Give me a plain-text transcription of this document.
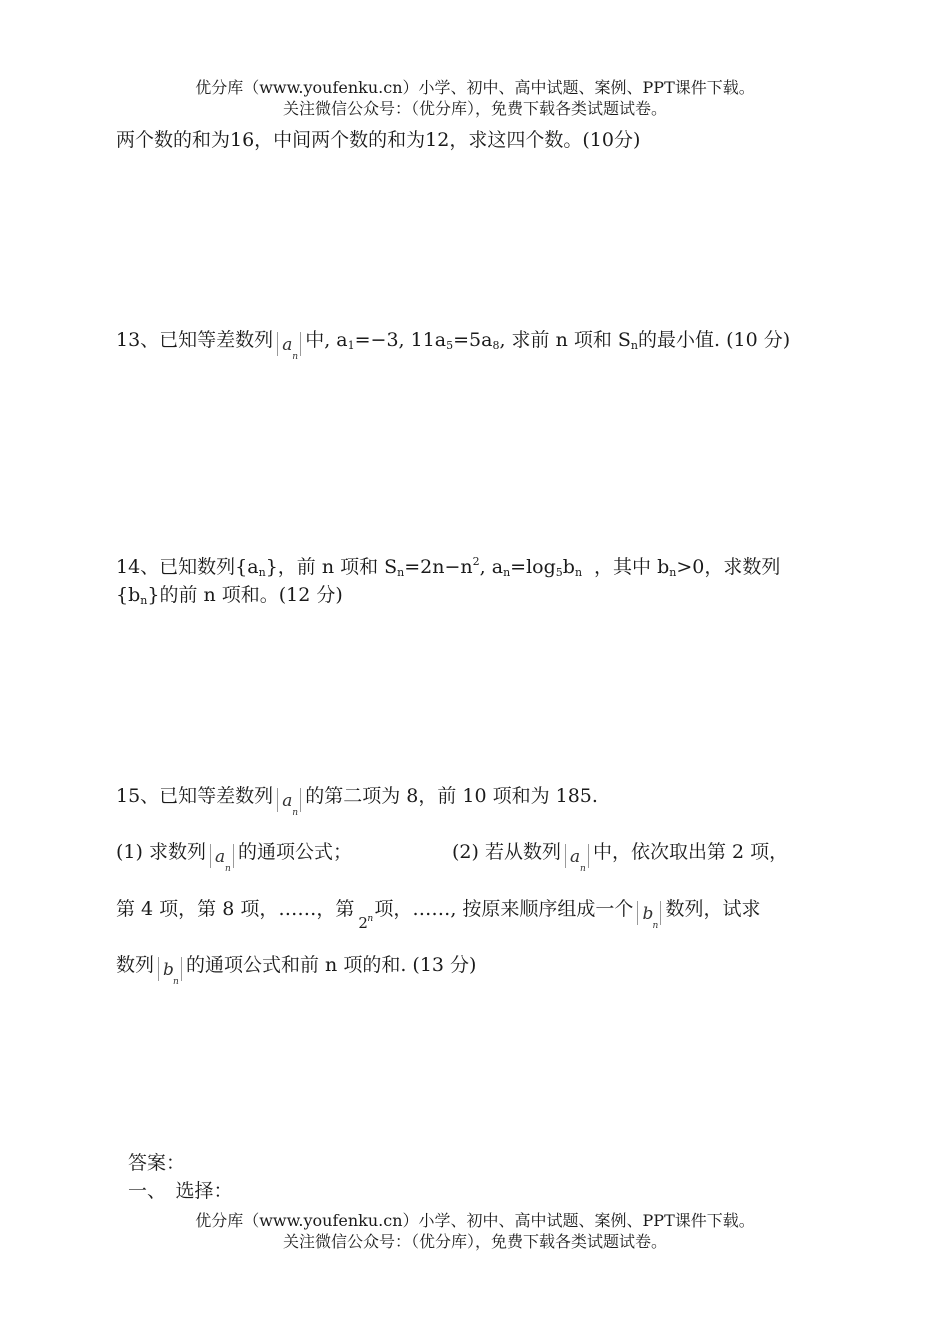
优分库（www.youfenku.cn）小学、初中、高中试题、案例、PPT课件下载。
关注微信公众号：（优分库），免费下载各类试题试卷。
两个数的和为16，中间两个数的和为12，求这四个数。(10分)
13、已知等差数列 a
n
中, $a_1=-3$, $11a_5=5a_8$, 求前 n 项和 $S_n$的最小值. (10 分)
14、已知数列$\{a_n\}$，前 n 项和 $S_n=2n-n^2$, $a_n=\log_5b_n$ ，其中 $b_n>0$，求数列
$\{b_n\}$的前 n 项和。(12 分)
15、已知等差数列 a
n
的第二项为 8，前 10 项和为 185.
(1) 求数列 a
n
的通项公式；	(2) 若从数列 a
n
中，依次取出第 2 项，
第 4 项，第 8 项，……，第
2 n 项，……, 按原来顺序组成一个 b
n
数列，试求
数列 b
n
的通项公式和前 n 项的和. (13 分)
答案：
一、　选择：
优分库（www.youfenku.cn）小学、初中、高中试题、案例、PPT课件下载。
关注微信公众号：（优分库），免费下载各类试题试卷。
